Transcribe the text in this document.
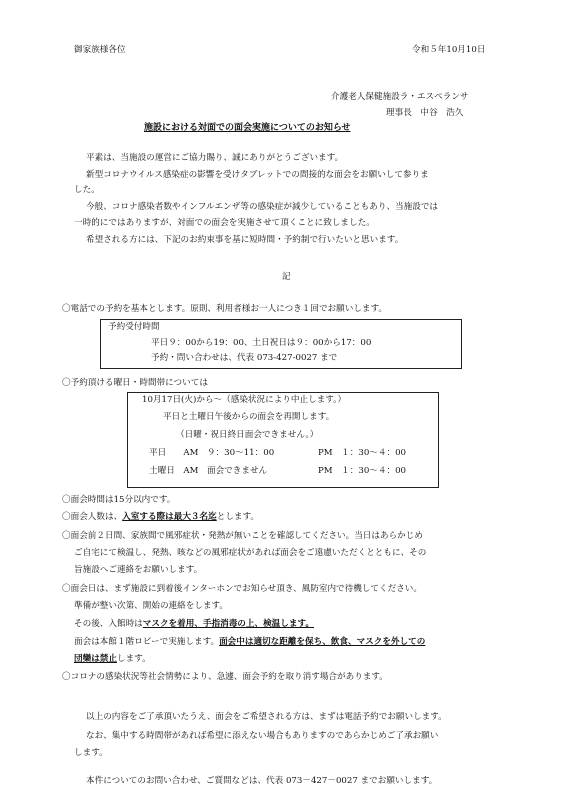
御家族様各位	令和５年10月10日
介護老人保健施設ラ・エスペランサ
理事長　中谷　浩久
施設における対面での面会実施についてのお知らせ
平素は、当施設の運営にご協力賜り、誠にありがとうございます。
新型コロナウイルス感染症の影響を受けタブレットでの間接的な面会をお願いして参りま
した。
今般、コロナ感染者数やインフルエンザ等の感染症が減少していることもあり、当施設では
一時的にではありますが、対面での面会を実施させて頂くことに致しました。
希望される方には、下記のお約束事を基に短時間・予約制で行いたいと思います。
記
〇電話での予約を基本とします。原則、利用者様お一人につき１回でお願いします。
予約受付時間
平日９：00から19：00、土日祝日は９：00から17：00
予約・問い合わせは、代表 073-427-0027 まで
〇予約頂ける曜日・時間帯については
10月17日(火)から～（感染状況により中止します。）
平日と土曜日午後からの面会を再開します。
（日曜・祝日終日面会できません。）
平日　　AM　９：30～11：00	PM　１：30～４：00
土曜日　AM　面会できません	PM　１：30～４：00
〇面会時間は15分以内です。
〇面会人数は、入室する際は最大３名迄とします。
〇面会前２日間、家族間で風邪症状・発熱が無いことを確認してください。当日はあらかじめ
ご自宅にて検温し、発熱、咳などの風邪症状があれば面会をご遠慮いただくとともに、その
旨施設へご連絡をお願いします。
〇面会日は、まず施設に到着後インターホンでお知らせ頂き、風防室内で待機してください。
準備が整い次第、開始の連絡をします。
その後、入館時はマスクを着用、手指消毒の上、検温します。
面会は本館１階ロビーで実施します。面会中は適切な距離を保ち、飲食、マスクを外しての
団欒は禁止します。
〇コロナの感染状況等社会情勢により、急遽、面会予約を取り消す場合があります。
以上の内容をご了承頂いたうえ、面会をご希望される方は、まずは電話予約でお願いします。
なお、集中する時間帯があれば希望に添えない場合もありますのであらかじめご了承お願い
します。
本件についてのお問い合わせ、ご質問などは、代表 073－427－0027 までお願いします。
